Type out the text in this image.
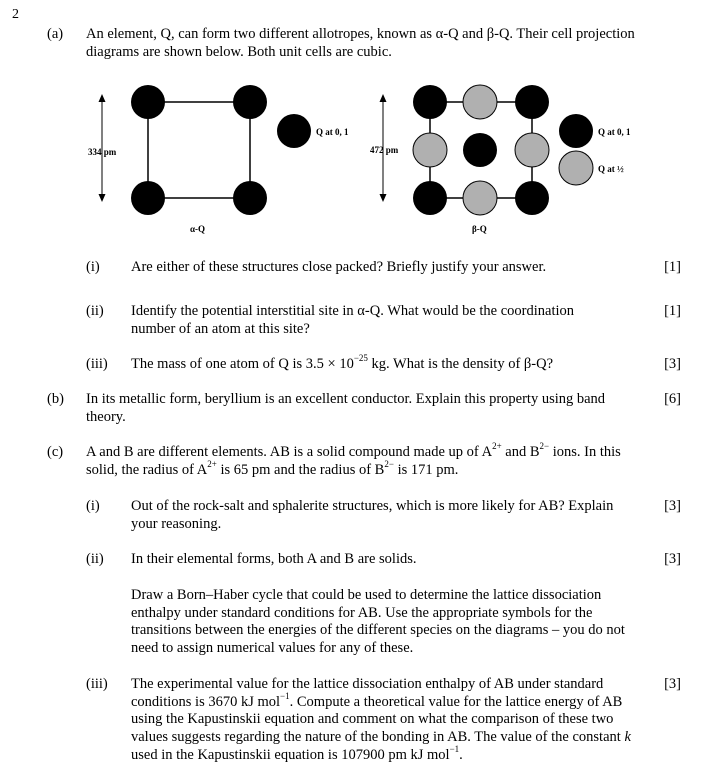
2
(a) An element, Q, can form two different allotropes, known as α-Q and β-Q. Their cell projection diagrams are shown below. Both unit cells are cubic.
334 pm
Q at 0, 1
α-Q
472 pm
Q at 0, 1
Q at ½
β-Q
(i) Are either of these structures close packed? Briefly justify your answer.	[1]
(ii) Identify the potential interstitial site in α-Q. What would be the coordination number of an atom at this site?
[1]
(iii) The mass of one atom of Q is $3.5 \times 10^{-25}$ kg. What is the density of β-Q?	[3]
(b) In its metallic form, beryllium is an excellent conductor. Explain this property using band theory.
[6]
(c) A and B are different elements. AB is a solid compound made up of $A^{2+}$ and $B^{2-}$ ions. In this solid, the radius of $A^{2+}$ is 65 pm and the radius of $B^{2-}$ is 171 pm.
(i) Out of the rock-salt and sphalerite structures, which is more likely for AB? Explain your reasoning.
[3]
(ii) In their elemental forms, both A and B are solids.	[3]
Draw a Born–Haber cycle that could be used to determine the lattice dissociation enthalpy under standard conditions for AB. Use the appropriate symbols for the transitions between the energies of the different species on the diagrams – you do not need to assign numerical values for any of these.
(iii) The experimental value for the lattice dissociation enthalpy of AB under standard conditions is 3670 kJ mol$^{-1}$. Compute a theoretical value for the lattice energy of AB using the Kapustinskii equation and comment on what the comparison of these two values suggests regarding the nature of the bonding in AB. The value of the constant k used in the Kapustinskii equation is 107900 pm kJ mol$^{-1}$.
[3]
